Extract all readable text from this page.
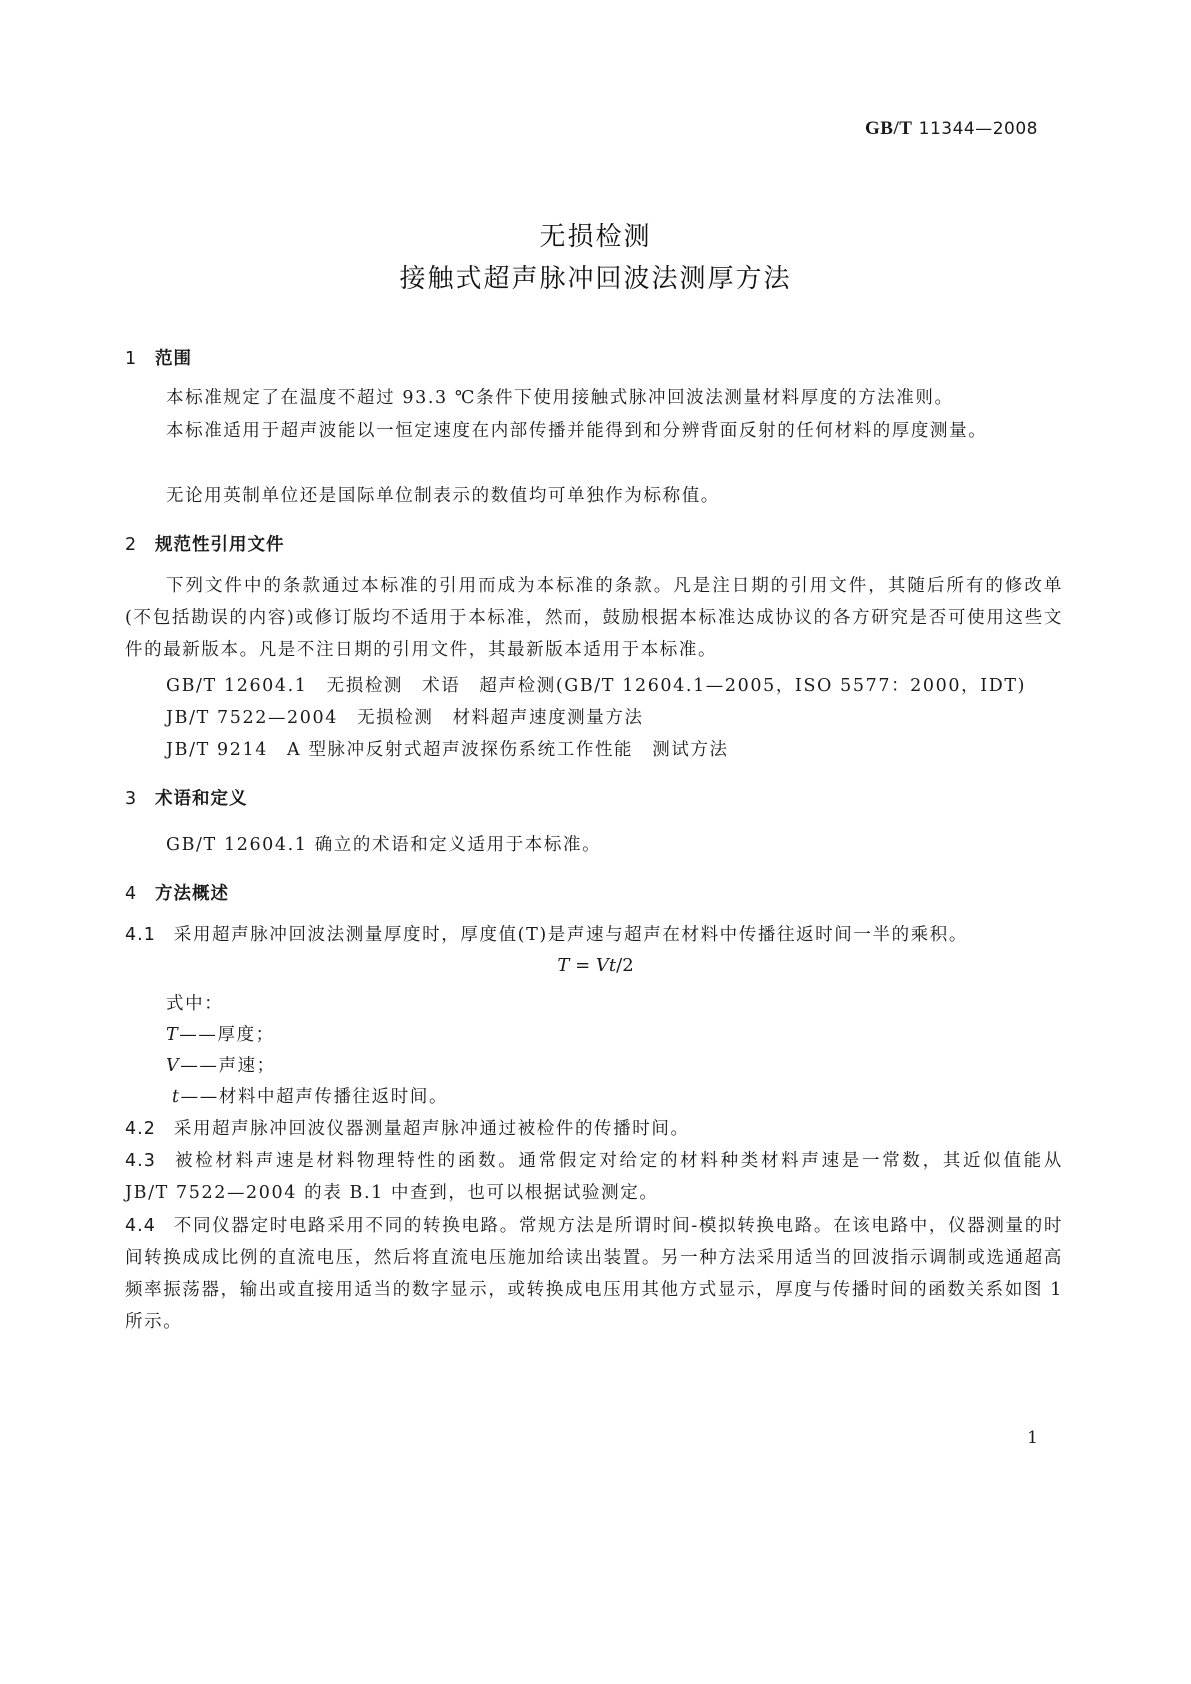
GB/T 11344—2008
无损检测
接触式超声脉冲回波法测厚方法
1 范围
本标准规定了在温度不超过 93.3 ℃条件下使用接触式脉冲回波法测量材料厚度的方法准则。
本标准适用于超声波能以一恒定速度在内部传播并能得到和分辨背面反射的任何材料的厚度测量。
无论用英制单位还是国际单位制表示的数值均可单独作为标称值。
2 规范性引用文件
下列文件中的条款通过本标准的引用而成为本标准的条款。凡是注日期的引用文件，其随后所有的修改单(不包括勘误的内容)或修订版均不适用于本标准，然而，鼓励根据本标准达成协议的各方研究是否可使用这些文件的最新版本。凡是不注日期的引用文件，其最新版本适用于本标准。
GB/T 12604.1　无损检测　术语　超声检测(GB/T 12604.1—2005，ISO 5577：2000，IDT)
JB/T 7522—2004　无损检测　材料超声速度测量方法
JB/T 9214　A 型脉冲反射式超声波探伤系统工作性能　测试方法
3 术语和定义
GB/T 12604.1 确立的术语和定义适用于本标准。
4 方法概述
4.1 采用超声脉冲回波法测量厚度时，厚度值(T)是声速与超声在材料中传播往返时间一半的乘积。
T = Vt/2
式中：
T——厚度；
V——声速；
t——材料中超声传播往返时间。
4.2 采用超声脉冲回波仪器测量超声脉冲通过被检件的传播时间。
4.3 被检材料声速是材料物理特性的函数。通常假定对给定的材料种类材料声速是一常数，其近似值能从 JB/T 7522—2004 的表 B.1 中查到，也可以根据试验测定。
4.4 不同仪器定时电路采用不同的转换电路。常规方法是所谓时间-模拟转换电路。在该电路中，仪器测量的时间转换成成比例的直流电压，然后将直流电压施加给读出装置。另一种方法采用适当的回波指示调制或选通超高频率振荡器，输出或直接用适当的数字显示，或转换成电压用其他方式显示，厚度与传播时间的函数关系如图 1 所示。
1
